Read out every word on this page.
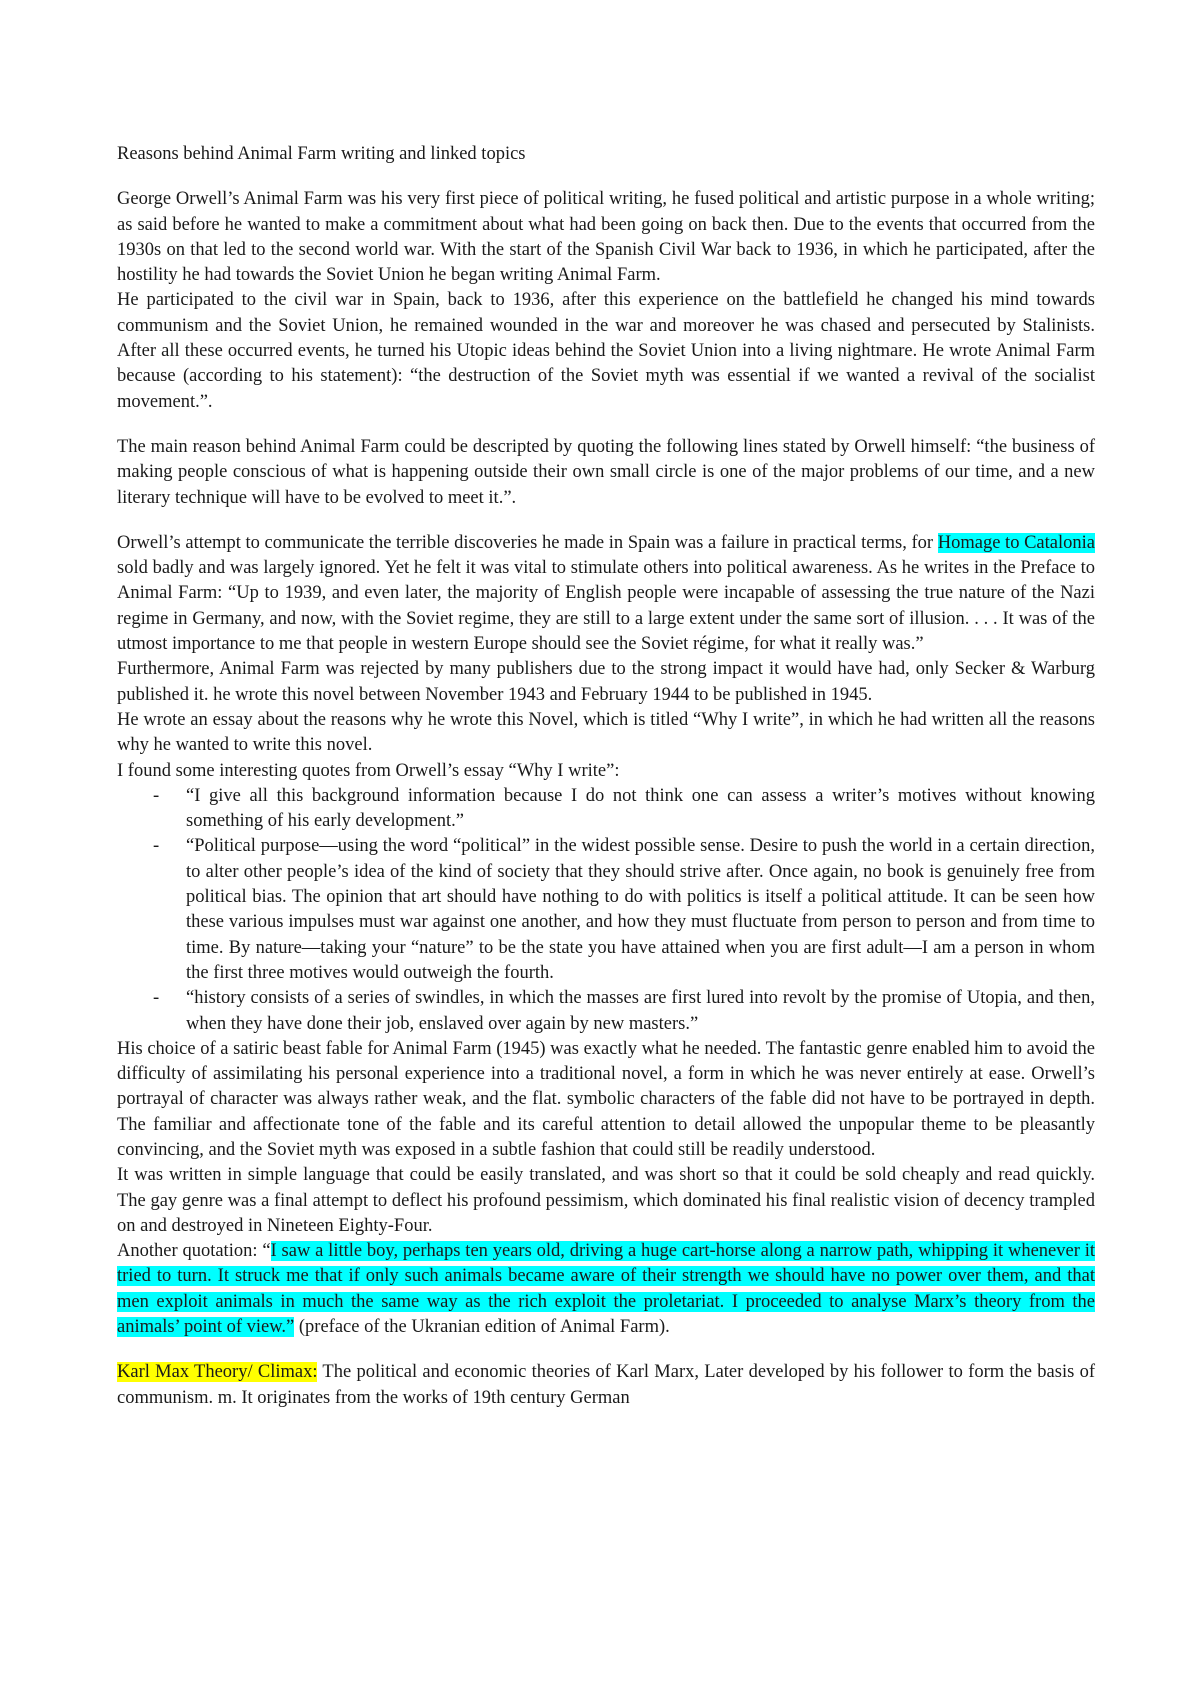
Reasons behind Animal Farm writing and linked topics

George Orwell’s Animal Farm was his very first piece of political writing, he fused political and artistic purpose in a whole writing; as said before he wanted to make a commitment about what had been going on back then. Due to the events that occurred from the 1930s on that led to the second world war. With the start of the Spanish Civil War back to 1936, in which he participated, after the hostility he had towards the Soviet Union he began writing Animal Farm.

He participated to the civil war in Spain, back to 1936, after this experience on the battlefield he changed his mind towards communism and the Soviet Union, he remained wounded in the war and moreover he was chased and persecuted by Stalinists. After all these occurred events, he turned his Utopic ideas behind the Soviet Union into a living nightmare. He wrote Animal Farm because (according to his statement): “the destruction of the Soviet myth was essential if we wanted a revival of the socialist movement.”.

The main reason behind Animal Farm could be descripted by quoting the following lines stated by Orwell himself: “the business of making people conscious of what is happening outside their own small circle is one of the major problems of our time, and a new literary technique will have to be evolved to meet it.”.

Orwell’s attempt to communicate the terrible discoveries he made in Spain was a failure in practical terms, for Homage to Catalonia sold badly and was largely ignored. Yet he felt it was vital to stimulate others into political awareness. As he writes in the Preface to Animal Farm: “Up to 1939, and even later, the majority of English people were incapable of assessing the true nature of the Nazi regime in Germany, and now, with the Soviet regime, they are still to a large extent under the same sort of illusion. . . . It was of the utmost importance to me that people in western Europe should see the Soviet régime, for what it really was.”

Furthermore, Animal Farm was rejected by many publishers due to the strong impact it would have had, only Secker & Warburg published it. he wrote this novel between November 1943 and February 1944 to be published in 1945.

He wrote an essay about the reasons why he wrote this Novel, which is titled “Why I write”, in which he had written all the reasons why he wanted to write this novel.

I found some interesting quotes from Orwell’s essay “Why I write”:

- “I give all this background information because I do not think one can assess a writer’s motives without knowing something of his early development.”
- “Political purpose—using the word “political” in the widest possible sense. Desire to push the world in a certain direction, to alter other people’s idea of the kind of society that they should strive after. Once again, no book is genuinely free from political bias. The opinion that art should have nothing to do with politics is itself a political attitude. It can be seen how these various impulses must war against one another, and how they must fluctuate from person to person and from time to time. By nature—taking your “nature” to be the state you have attained when you are first adult—I am a person in whom the first three motives would outweigh the fourth.
- “history consists of a series of swindles, in which the masses are first lured into revolt by the promise of Utopia, and then, when they have done their job, enslaved over again by new masters.”

His choice of a satiric beast fable for Animal Farm (1945) was exactly what he needed. The fantastic genre enabled him to avoid the difficulty of assimilating his personal experience into a traditional novel, a form in which he was never entirely at ease. Orwell’s portrayal of character was always rather weak, and the flat. symbolic characters of the fable did not have to be portrayed in depth. The familiar and affectionate tone of the fable and its careful attention to detail allowed the unpopular theme to be pleasantly convincing, and the Soviet myth was exposed in a subtle fashion that could still be readily understood.

It was written in simple language that could be easily translated, and was short so that it could be sold cheaply and read quickly. The gay genre was a final attempt to deflect his profound pessimism, which dominated his final realistic vision of decency trampled on and destroyed in Nineteen Eighty-Four.

Another quotation: “I saw a little boy, perhaps ten years old, driving a huge cart-horse along a narrow path, whipping it whenever it tried to turn. It struck me that if only such animals became aware of their strength we should have no power over them, and that men exploit animals in much the same way as the rich exploit the proletariat. I proceeded to analyse Marx’s theory from the animals’ point of view.” (preface of the Ukranian edition of Animal Farm).

Karl Max Theory/ Climax: The political and economic theories of Karl Marx, Later developed by his follower to form the basis of communism. m. It originates from the works of 19th century German
